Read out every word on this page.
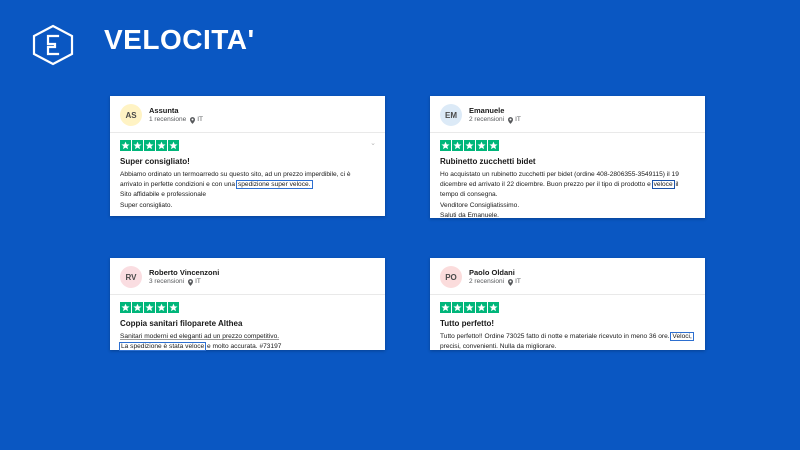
VELOCITA'
AS
Assunta
1 recensione IT
⌄
Super consigliato!
Abbiamo ordinato un termoarredo su questo sito, ad un prezzo imperdibile, ci è
arrivato in perfette condizioni e con una spedizione super veloce.
Sito affidabile e professionale
Super consigliato.
EM
Emanuele
2 recensioni IT
Rubinetto zucchetti bidet
Ho acquistato un rubinetto zucchetti per bidet (ordine 408-2806355-3549115) il 19
dicembre ed arrivato il 22 dicembre. Buon prezzo per il tipo di prodotto e veloce il
tempo di consegna.
Venditore Consigliatissimo.
Saluti da Emanuele.
RV
Roberto Vincenzoni
3 recensioni IT
Coppia sanitari filoparete Althea
Sanitari moderni ed eleganti ad un prezzo competitivo.
La spedizione è stata veloce e molto accurata. #73197
PO
Paolo Oldani
2 recensioni IT
Tutto perfetto!
Tutto perfetto!! Ordine 73025 fatto di notte e materiale ricevuto in meno 36 ore. Veloci,
precisi, convenienti. Nulla da migliorare.
